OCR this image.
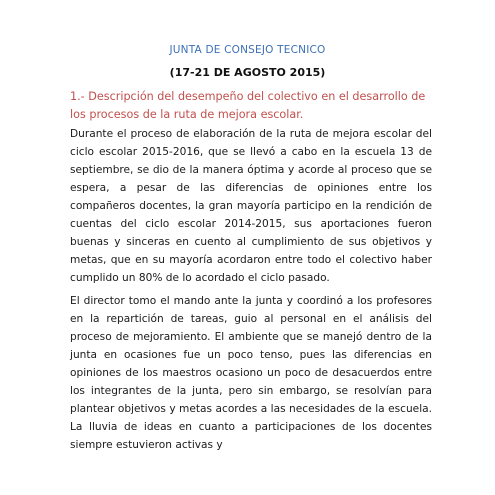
JUNTA DE CONSEJO TECNICO
(17-21 DE AGOSTO 2015)
1.- Descripción del desempeño del colectivo en el desarrollo de los procesos de la ruta de mejora escolar.
Durante el proceso de elaboración de la ruta de mejora escolar del ciclo escolar 2015-2016, que se llevó a cabo en la escuela 13 de septiembre, se dio de la manera óptima y acorde al proceso que se espera, a pesar de las diferencias de opiniones entre los compañeros docentes, la gran mayoría participo en la rendición de cuentas del ciclo escolar 2014-2015, sus aportaciones fueron buenas y sinceras en cuento al cumplimiento de sus objetivos y metas, que en su mayoría acordaron entre todo el colectivo haber cumplido un 80% de lo acordado el ciclo pasado.
El director tomo el mando ante la junta y coordinó a los profesores en la repartición de tareas, guio al personal en el análisis del proceso de mejoramiento. El ambiente que se manejó dentro de la junta en ocasiones fue un poco tenso, pues las diferencias en opiniones de los maestros ocasiono un poco de desacuerdos entre los integrantes de la junta, pero sin embargo, se resolvían para plantear objetivos y metas acordes a las necesidades de la escuela. La lluvia de ideas en cuanto a participaciones de los docentes siempre estuvieron activas y
